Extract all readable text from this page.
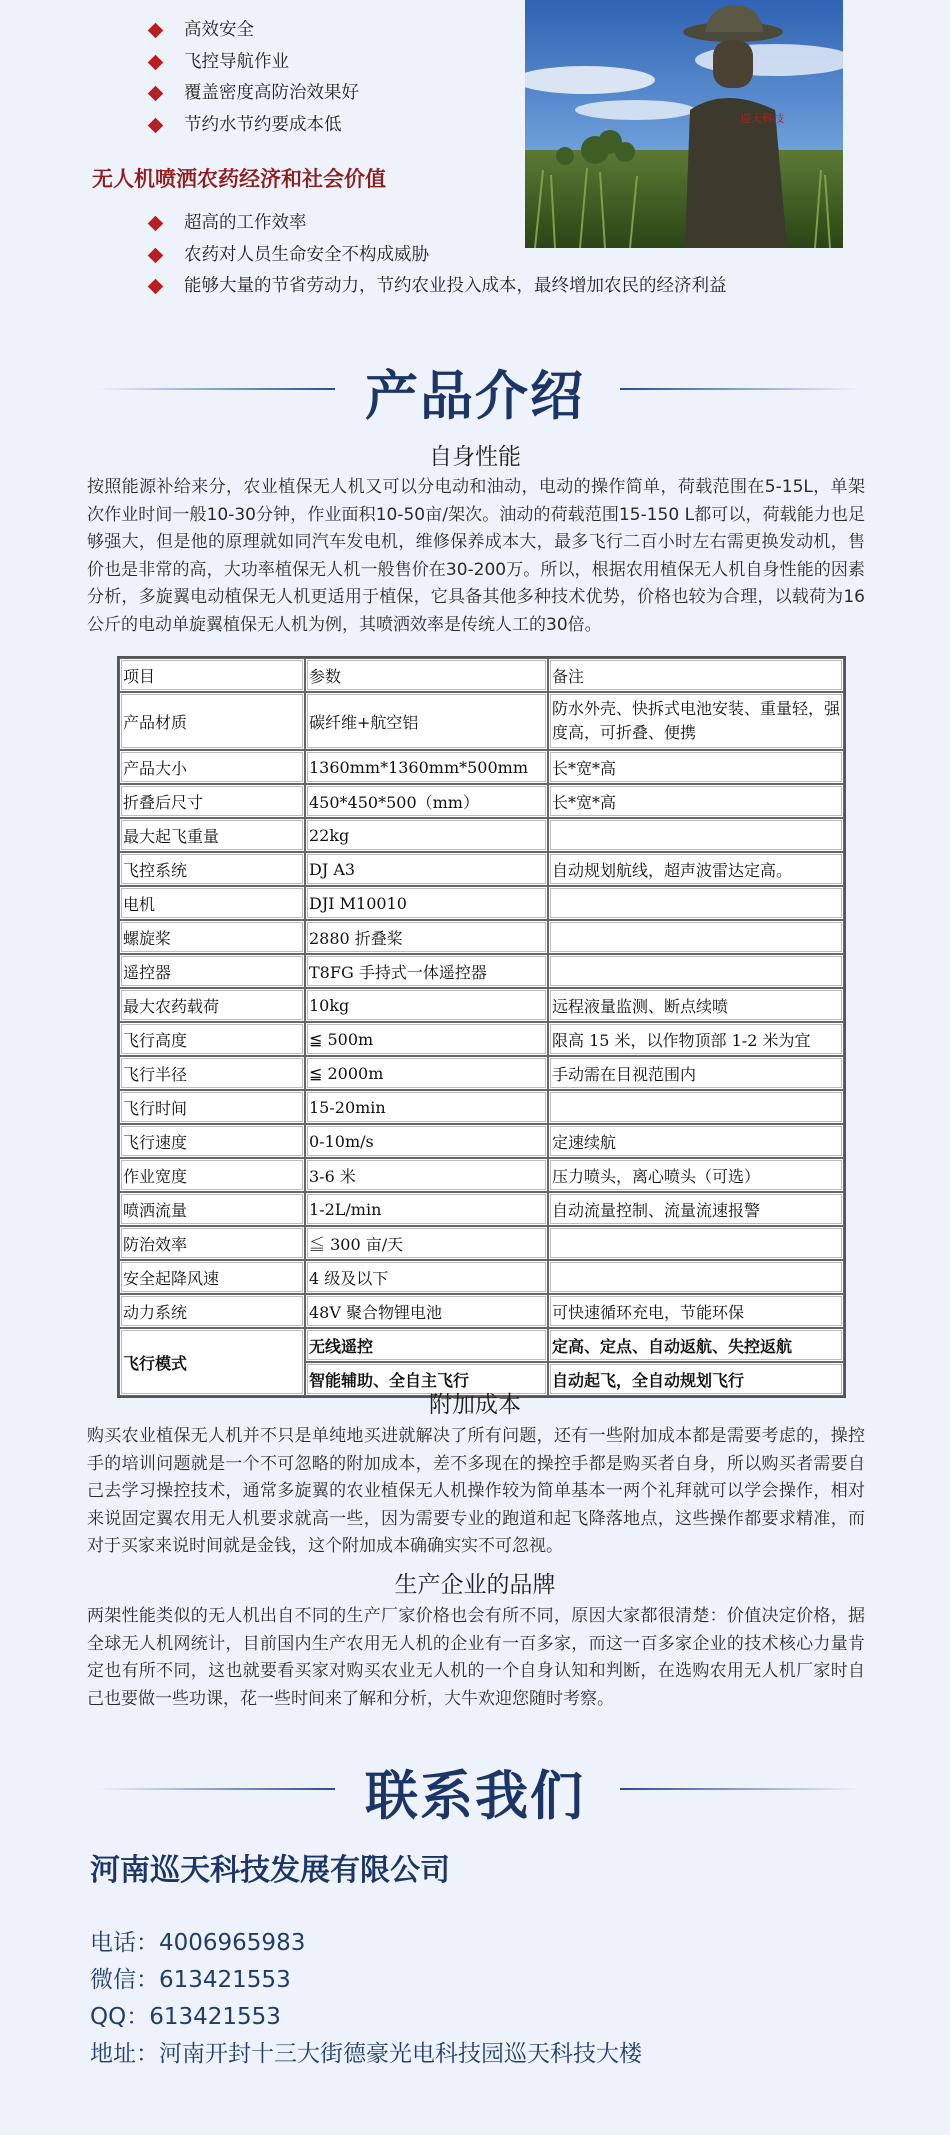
高效安全
飞控导航作业
覆盖密度高防治效果好
节约水节约要成本低	巡天科技
无人机喷洒农药经济和社会价值
超高的工作效率
农药对人员生命安全不构成威胁
能够大量的节省劳动力，节约农业投入成本，最终增加农民的经济利益
产品介绍
自身性能
按照能源补给来分，农业植保无人机又可以分电动和油动，电动的操作简单，荷载范围在5-15L，单架次作业时间一般10-30分钟，作业面积10-50亩/架次。油动的荷载范围15-150 L都可以，荷载能力也足够强大，但是他的原理就如同汽车发电机，维修保养成本大，最多飞行二百小时左右需更换发动机，售价也是非常的高，大功率植保无人机一般售价在30-200万。所以，根据农用植保无人机自身性能的因素分析，多旋翼电动植保无人机更适用于植保，它具备其他多种技术优势，价格也较为合理，以载荷为16公斤的电动单旋翼植保无人机为例，其喷洒效率是传统人工的30倍。
项目	参数	备注
产品材质	碳纤维+航空铝	防水外壳、快拆式电池安装、重量轻，强度高，可折叠、便携
产品大小	1360mm*1360mm*500mm	长*宽*高
折叠后尺寸	450*450*500（mm）	长*宽*高
最大起飞重量	22kg	
飞控系统	DJ A3	自动规划航线，超声波雷达定高。
电机	DJI M10010	
螺旋桨	2880 折叠桨	
遥控器	T8FG 手持式一体遥控器	
最大农药载荷	10kg	远程液量监测、断点续喷
飞行高度	≦ 500m	限高 15 米，以作物顶部 1-2 米为宜
飞行半径	≦ 2000m	手动需在目视范围内
飞行时间	15-20min	
飞行速度	0-10m/s	定速续航
作业宽度	3-6 米	压力喷头，离心喷头（可选）
喷洒流量	1-2L/min	自动流量控制、流量流速报警
防治效率	≦ 300 亩/天	
安全起降风速	4 级及以下	
动力系统	48V 聚合物锂电池	可快速循环充电，节能环保
飞行模式	无线遥控	定高、定点、自动返航、失控返航
	智能辅助、全自主飞行	自动起飞，全自动规划飞行
附加成本
购买农业植保无人机并不只是单纯地买进就解决了所有问题，还有一些附加成本都是需要考虑的，操控手的培训问题就是一个不可忽略的附加成本，差不多现在的操控手都是购买者自身，所以购买者需要自己去学习操控技术，通常多旋翼的农业植保无人机操作较为简单基本一两个礼拜就可以学会操作，相对来说固定翼农用无人机要求就高一些，因为需要专业的跑道和起飞降落地点，这些操作都要求精准，而对于买家来说时间就是金钱，这个附加成本确确实实不可忽视。
生产企业的品牌
两架性能类似的无人机出自不同的生产厂家价格也会有所不同，原因大家都很清楚：价值决定价格，据全球无人机网统计，目前国内生产农用无人机的企业有一百多家，而这一百多家企业的技术核心力量肯定也有所不同，这也就要看买家对购买农业无人机的一个自身认知和判断，在选购农用无人机厂家时自己也要做一些功课，花一些时间来了解和分析，大牛欢迎您随时考察。
联系我们
河南巡天科技发展有限公司
电话：4006965983
微信：613421553
QQ：613421553
地址：河南开封十三大街德豪光电科技园巡天科技大楼
